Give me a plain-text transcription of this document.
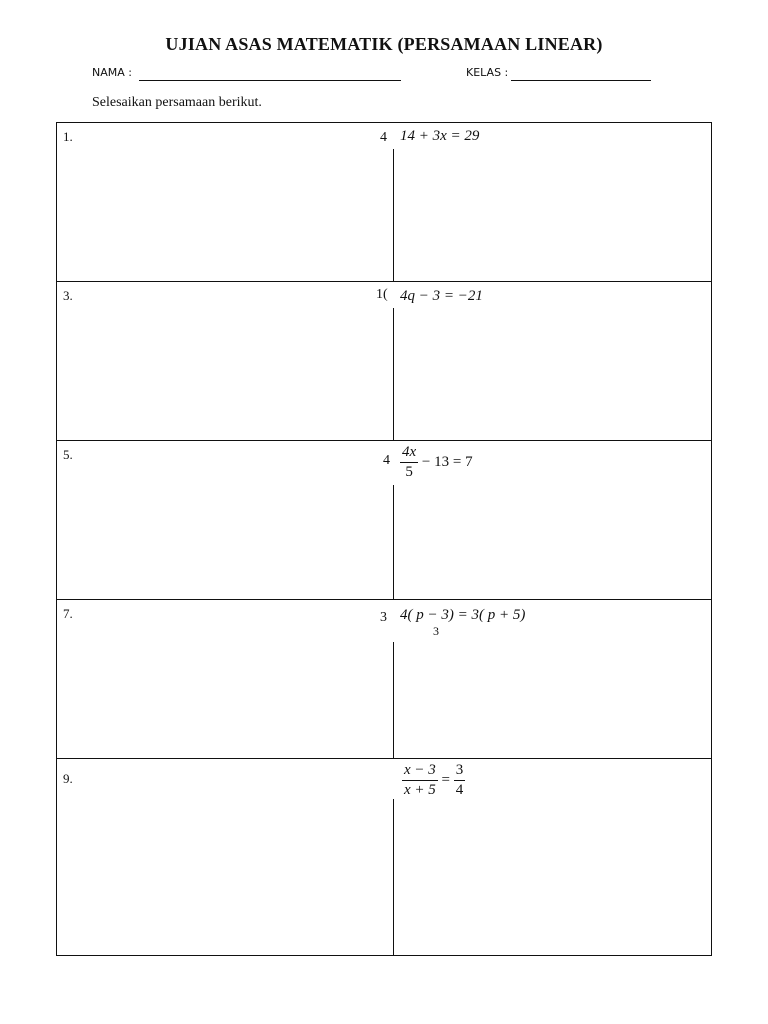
UJIAN ASAS MATEMATIK (PERSAMAAN LINEAR)
NAMA :	KELAS :
Selesaikan persamaan berikut.
1.	4 14 + 3x = 29
3.	1( 4q − 3 = −21
5.	$4 \frac{4x}{5} - 13 = 7$
7.	3 4( p − 3) = 3( p + 5)
3
9.	$\frac{x - 3}{x + 5} = \frac{3}{4}$
